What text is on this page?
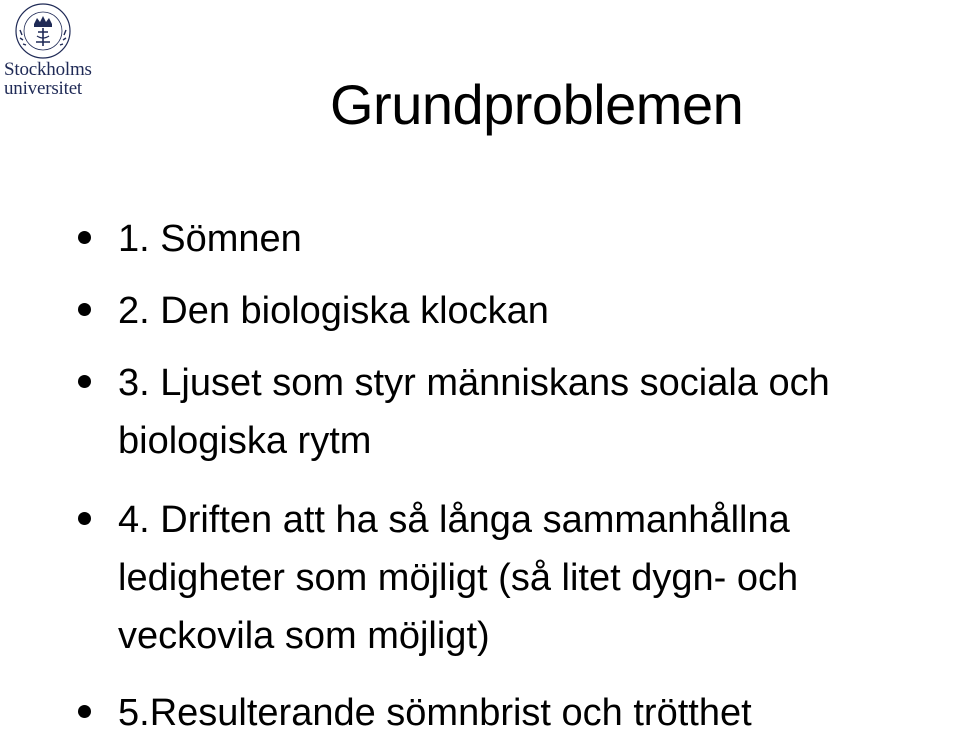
Stockholms
universitet	Grundproblemen
1. Sömnen
2. Den biologiska klockan
3. Ljuset som styr människans sociala och
biologiska rytm
4. Driften att ha så långa sammanhållna
ledigheter som möjligt (så litet dygn- och
veckovila som möjligt)
5.Resulterande sömnbrist och trötthet
